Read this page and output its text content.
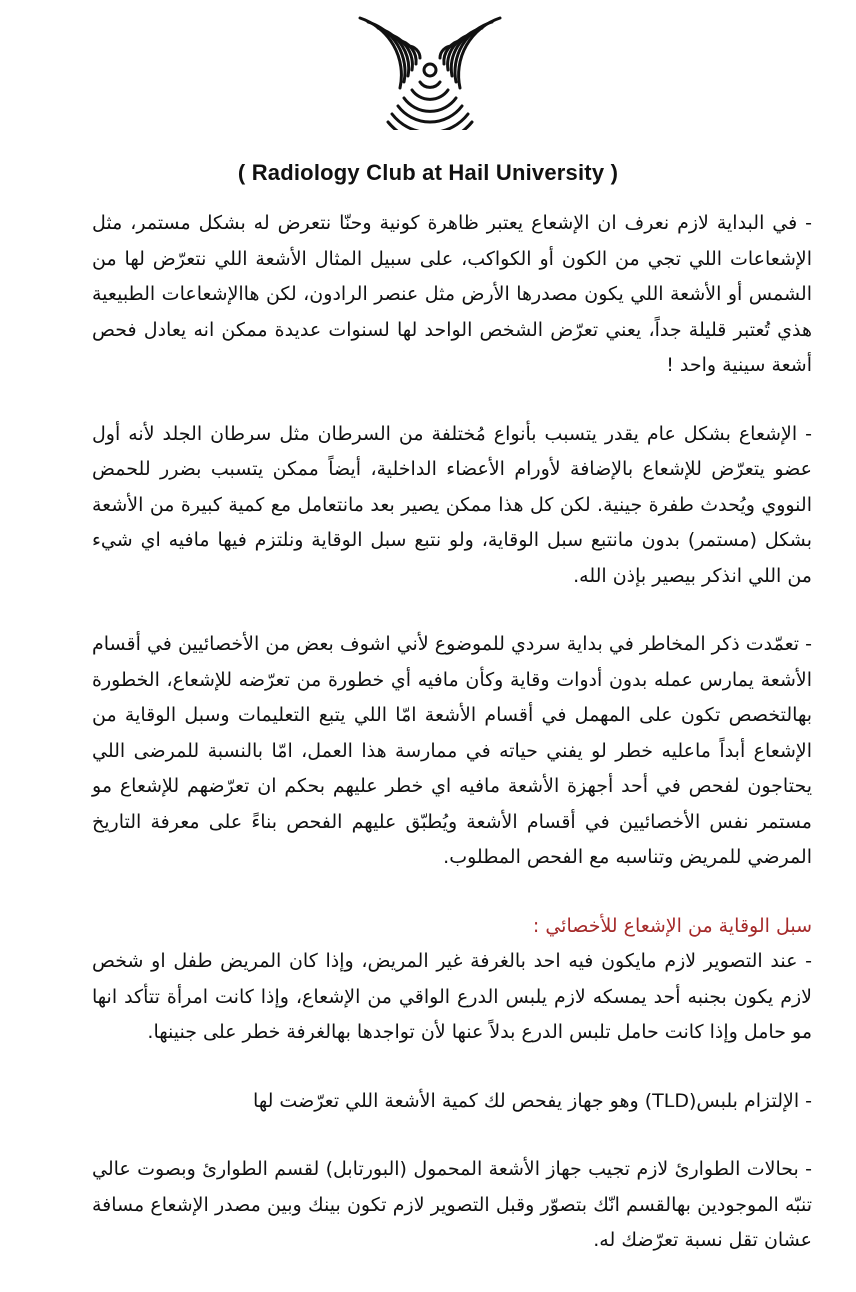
( Radiology Club at Hail University )

- في البداية لازم نعرف ان الإشعاع يعتبر ظاهرة كونية وحنّا نتعرض له بشكل مستمر، مثل الإشعاعات اللي تجي من الكون أو الكواكب، على سبيل المثال الأشعة اللي نتعرّض لها من الشمس أو الأشعة اللي يكون مصدرها الأرض مثل عنصر الرادون، لكن هاالإشعاعات الطبيعية هذي تُعتبر قليلة جداً، يعني تعرّض الشخص الواحد لها لسنوات عديدة ممكن انه يعادل فحص أشعة سينية واحد !

- الإشعاع بشكل عام يقدر يتسبب بأنواع مُختلفة من السرطان مثل سرطان الجلد لأنه أول عضو يتعرّض للإشعاع بالإضافة لأورام الأعضاء الداخلية، أيضاً ممكن يتسبب بضرر للحمض النووي ويُحدث طفرة جينية. لكن كل هذا ممكن يصير بعد مانتعامل مع كمية كبيرة من الأشعة بشكل (مستمر) بدون مانتبع سبل الوقاية، ولو نتبع سبل الوقاية ونلتزم فيها مافيه اي شيء من اللي انذكر بيصير بإذن الله.

- تعمّدت ذكر المخاطر في بداية سردي للموضوع لأني اشوف بعض من الأخصائيين في أقسام الأشعة يمارس عمله بدون أدوات وقاية وكأن مافيه أي خطورة من تعرّضه للإشعاع، الخطورة بهالتخصص تكون على المهمل في أقسام الأشعة امّا اللي يتبع التعليمات وسبل الوقاية من الإشعاع أبداً ماعليه خطر لو يفني حياته في ممارسة هذا العمل، امّا بالنسبة للمرضى اللي يحتاجون لفحص في أحد أجهزة الأشعة مافيه اي خطر عليهم بحكم ان تعرّضهم للإشعاع مو مستمر نفس الأخصائيين في أقسام الأشعة ويُطبّق عليهم الفحص بناءً على معرفة التاريخ المرضي للمريض وتناسبه مع الفحص المطلوب.

سبل الوقاية من الإشعاع للأخصائي :

- عند التصوير لازم مايكون فيه احد بالغرفة غير المريض، وإذا كان المريض طفل او شخص لازم يكون بجنبه أحد يمسكه لازم يلبس الدرع الواقي من الإشعاع، وإذا كانت امرأة تتأكد انها مو حامل وإذا كانت حامل تلبس الدرع بدلاً عنها لأن تواجدها بهالغرفة خطر على جنينها.

- الإلتزام بلبس(TLD) وهو جهاز يفحص لك كمية الأشعة اللي تعرّضت لها

- بحالات الطوارئ لازم تجيب جهاز الأشعة المحمول (البورتابل) لقسم الطوارئ وبصوت عالي تنبّه الموجودين بهالقسم انّك بتصوّر وقبل التصوير لازم تكون بينك وبين مصدر الإشعاع مسافة عشان تقل نسبة تعرّضك له.
